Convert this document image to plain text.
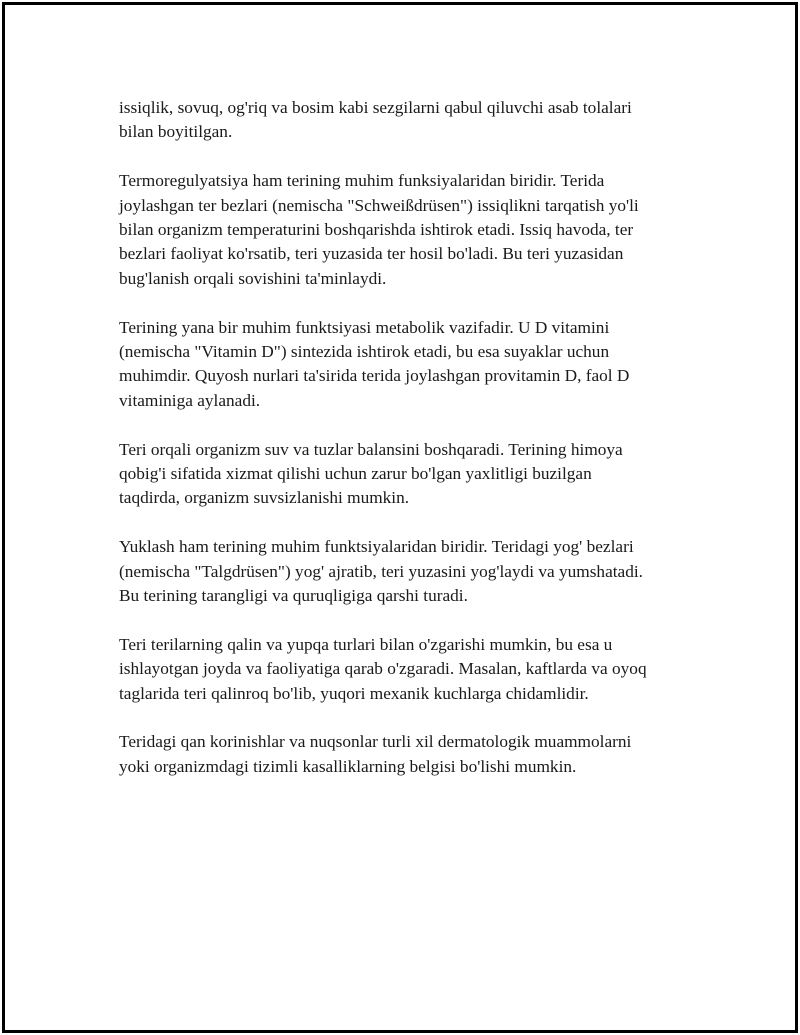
issiqlik, sovuq, og'riq va bosim kabi sezgilarni qabul qiluvchi asab tolalari
bilan boyitilgan.

Termoregulyatsiya ham terining muhim funksiyalaridan biridir. Terida
joylashgan ter bezlari (nemischa "Schweißdrüsen") issiqlikni tarqatish yo'li
bilan organizm temperaturini boshqarishda ishtirok etadi. Issiq havoda, ter
bezlari faoliyat ko'rsatib, teri yuzasida ter hosil bo'ladi. Bu teri yuzasidan
bug'lanish orqali sovishini ta'minlaydi.

Terining yana bir muhim funktsiyasi metabolik vazifadir. U D vitamini
(nemischa "Vitamin D") sintezida ishtirok etadi, bu esa suyaklar uchun
muhimdir. Quyosh nurlari ta'sirida terida joylashgan provitamin D, faol D
vitaminiga aylanadi.

Teri orqali organizm suv va tuzlar balansini boshqaradi. Terining himoya
qobig'i sifatida xizmat qilishi uchun zarur bo'lgan yaxlitligi buzilgan
taqdirda, organizm suvsizlanishi mumkin.

Yuklash ham terining muhim funktsiyalaridan biridir. Teridagi yog' bezlari
(nemischa "Talgdrüsen") yog' ajratib, teri yuzasini yog'laydi va yumshatadi.
Bu terining tarangligi va quruqligiga qarshi turadi.

Teri terilarning qalin va yupqa turlari bilan o'zgarishi mumkin, bu esa u
ishlayotgan joyda va faoliyatiga qarab o'zgaradi. Masalan, kaftlarda va oyoq
taglarida teri qalinroq bo'lib, yuqori mexanik kuchlarga chidamlidir.

Teridagi qan korinishlar va nuqsonlar turli xil dermatologik muammolarni
yoki organizmdagi tizimli kasalliklarning belgisi bo'lishi mumkin.
